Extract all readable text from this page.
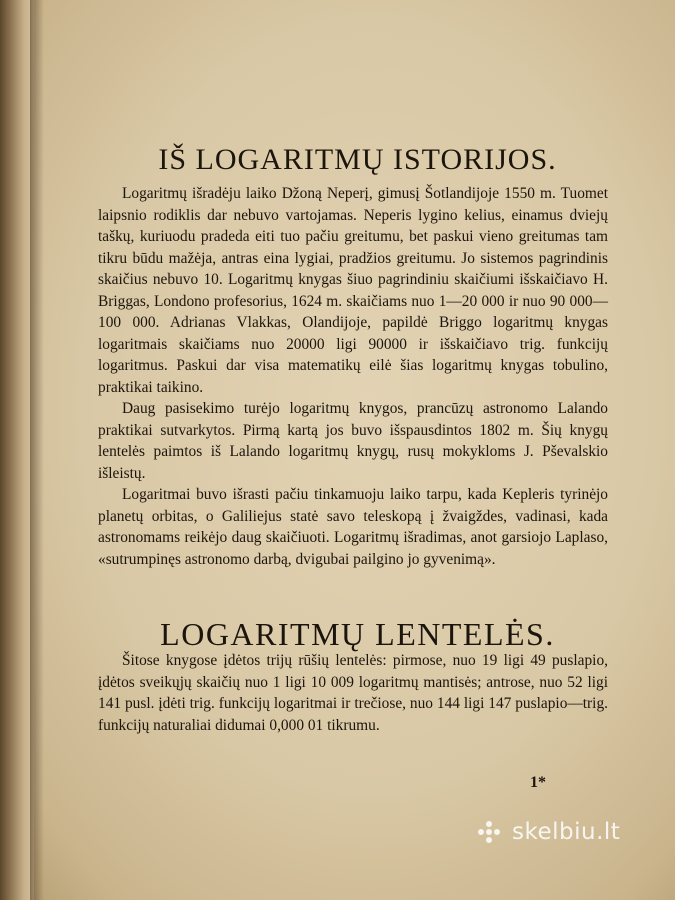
IŠ LOGARITMŲ ISTORIJOS.

Logaritmų išradėju laiko Džoną Neperį, gimusį Šotlandijoje 1550 m. Tuomet laipsnio rodiklis dar nebuvo vartojamas. Neperis lygino kelius, einamus dviejų taškų, kuriuodu pradeda eiti tuo pačiu greitumu, bet paskui vieno greitumas tam tikru būdu mažėja, antras eina lygiai, pradžios greitumu. Jo sistemos pagrindinis skaičius nebuvo 10. Logaritmų knygas šiuo pagrindiniu skaičiumi išskaičiavo H. Briggas, Londono profesorius, 1624 m. skaičiams nuo 1—20 000 ir nuo 90 000—100 000. Adrianas Vlakkas, Olandijoje, papildė Briggo logaritmų knygas logaritmais skaičiams nuo 20000 ligi 90000 ir išskaičiavo trig. funkcijų logaritmus. Paskui dar visa matematikų eilė šias logaritmų knygas tobulino, praktikai taikino.

Daug pasisekimo turėjo logaritmų knygos, prancūzų astronomo Lalando praktikai sutvarkytos. Pirmą kartą jos buvo išspausdintos 1802 m. Šių knygų lentelės paimtos iš Lalando logaritmų knygų, rusų mokykloms J. Pševalskio išleistų.

Logaritmai buvo išrasti pačiu tinkamuoju laiko tarpu, kada Kepleris tyrinėjo planetų orbitas, o Galiliejus statė savo teleskopą į žvaigždes, vadinasi, kada astronomams reikėjo daug skaičiuoti. Logaritmų išradimas, anot garsiojo Laplaso, «sutrumpinęs astronomo darbą, dvigubai pailgino jo gyvenimą».

LOGARITMŲ LENTELĖS.

Šitose knygose įdėtos trijų rūšių lentelės: pirmose, nuo 19 ligi 49 puslapio, įdėtos sveikųjų skaičių nuo 1 ligi 10 009 logaritmų mantisės; antrose, nuo 52 ligi 141 pusl. įdėti trig. funkcijų logaritmai ir trečiose, nuo 144 ligi 147 puslapio—trig. funkcijų naturaliai didumai 0,000 01 tikrumu.

1*
skelbiu.lt
